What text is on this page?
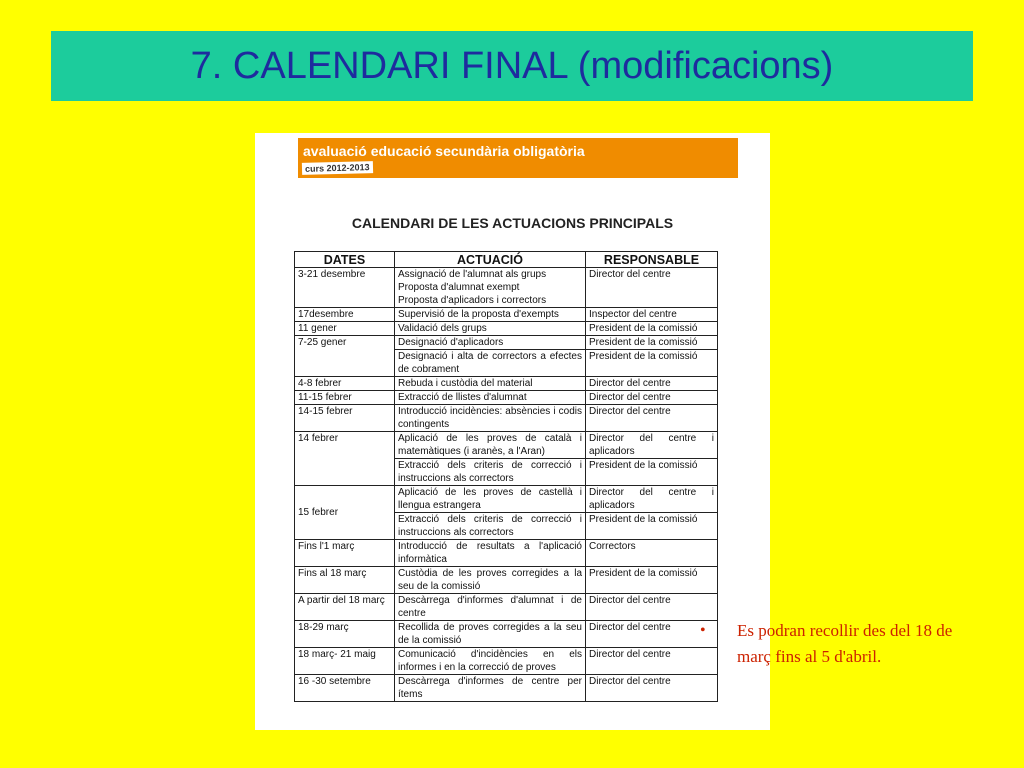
7. CALENDARI FINAL (modificacions)
avaluació educació secundària obligatòria
curs 2012-2013
CALENDARI DE LES ACTUACIONS PRINCIPALS
DATES	ACTUACIÓ	RESPONSABLE
3-21 desembre	Assignació de l'alumnat als grups
Proposta d'alumnat exempt
Proposta d'aplicadors i correctors	Director del centre
17desembre	Supervisió de la proposta d'exempts	Inspector del centre
11 gener	Validació dels grups	President de la comissió
7-25 gener	Designació d'aplicadors	President de la comissió
	Designació i alta de correctors a efectes de cobrament	President de la comissió
4-8 febrer	Rebuda i custòdia del material	Director del centre
11-15 febrer	Extracció de llistes d'alumnat	Director del centre
14-15 febrer	Introducció incidències: absències i codis contingents	Director del centre
14 febrer	Aplicació de les proves de català i matemàtiques (i aranès, a l'Aran)	Director del centre i aplicadors
	Extracció dels criteris de correcció i instruccions als correctors	President de la comissió
15 febrer	Aplicació de les proves de castellà i llengua estrangera	Director del centre i aplicadors
	Extracció dels criteris de correcció i instruccions als correctors	President de la comissió
Fins l'1 març	Introducció de resultats a l'aplicació informàtica	Correctors
Fins al 18 març	Custòdia de les proves corregides a la seu de la comissió	President de la comissió
A partir del 18 març	Descàrrega d'informes d'alumnat i de centre	Director del centre
18-29 març	Recollida de proves corregides a la seu de la comissió	Director del centre
18 març- 21 maig	Comunicació d'incidències en els informes i en la correcció de proves	Director del centre
16 -30 setembre	Descàrrega d'informes de centre per ítems	Director del centre
• Es podran recollir des del 18 de març fins al 5 d'abril.
